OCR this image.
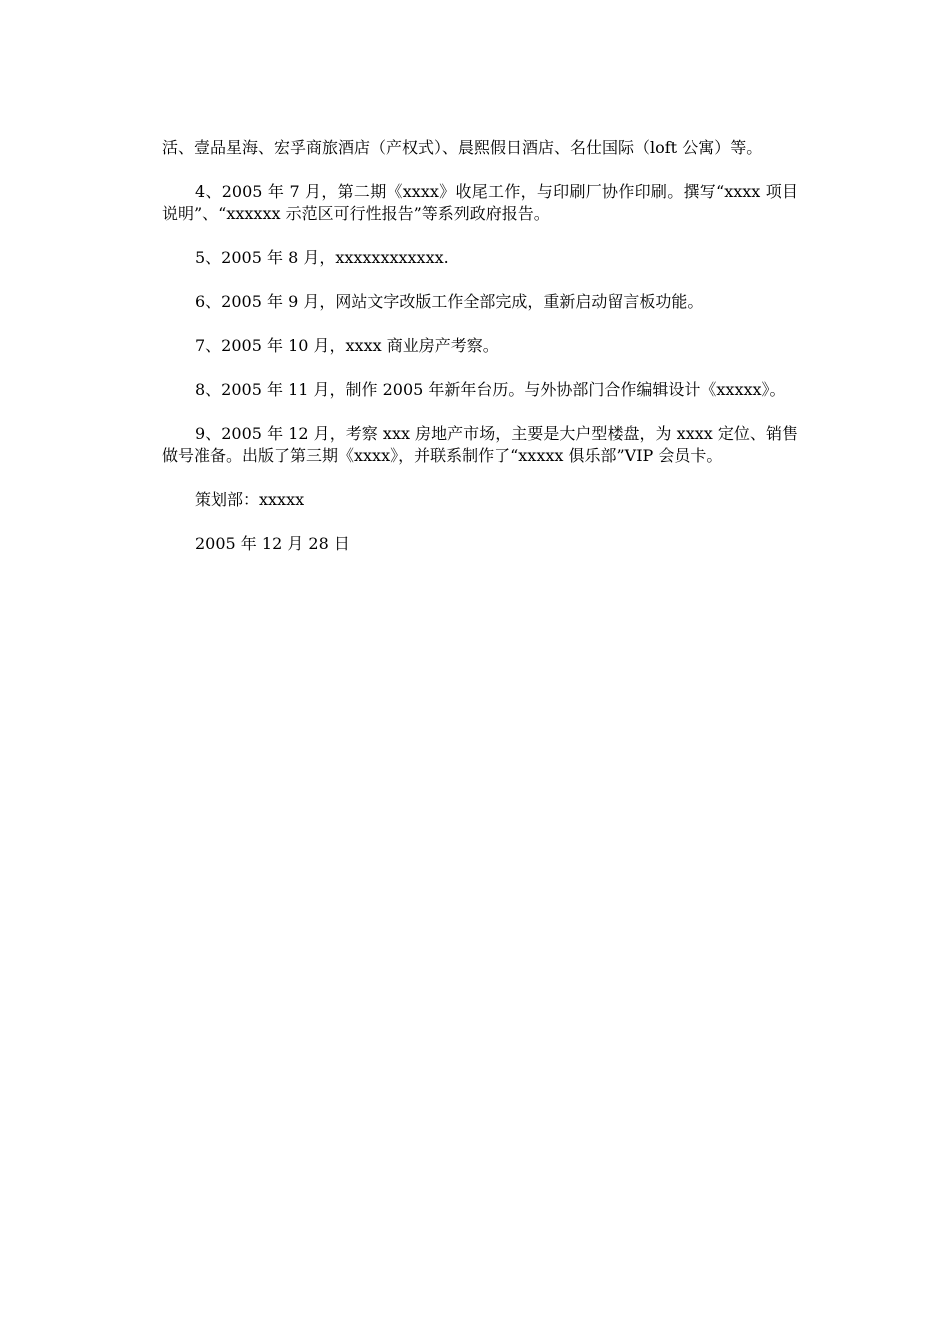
活、壹品星海、宏孚商旅酒店（产权式）、晨熙假日酒店、名仕国际（loft 公寓）等。

4、2005 年 7 月，第二期《xxxx》收尾工作，与印刷厂协作印刷。撰写“xxxx 项目说明”、“xxxxxx 示范区可行性报告”等系列政府报告。

5、2005 年 8 月，xxxxxxxxxxxx.

6、2005 年 9 月，网站文字改版工作全部完成，重新启动留言板功能。

7、2005 年 10 月，xxxx 商业房产考察。

8、2005 年 11 月，制作 2005 年新年台历。与外协部门合作编辑设计《xxxxx》。

9、2005 年 12 月，考察 xxx 房地产市场，主要是大户型楼盘，为 xxxx 定位、销售做号准备。出版了第三期《xxxx》，并联系制作了“xxxxx 俱乐部”VIP 会员卡。

策划部：xxxxx

2005 年 12 月 28 日
